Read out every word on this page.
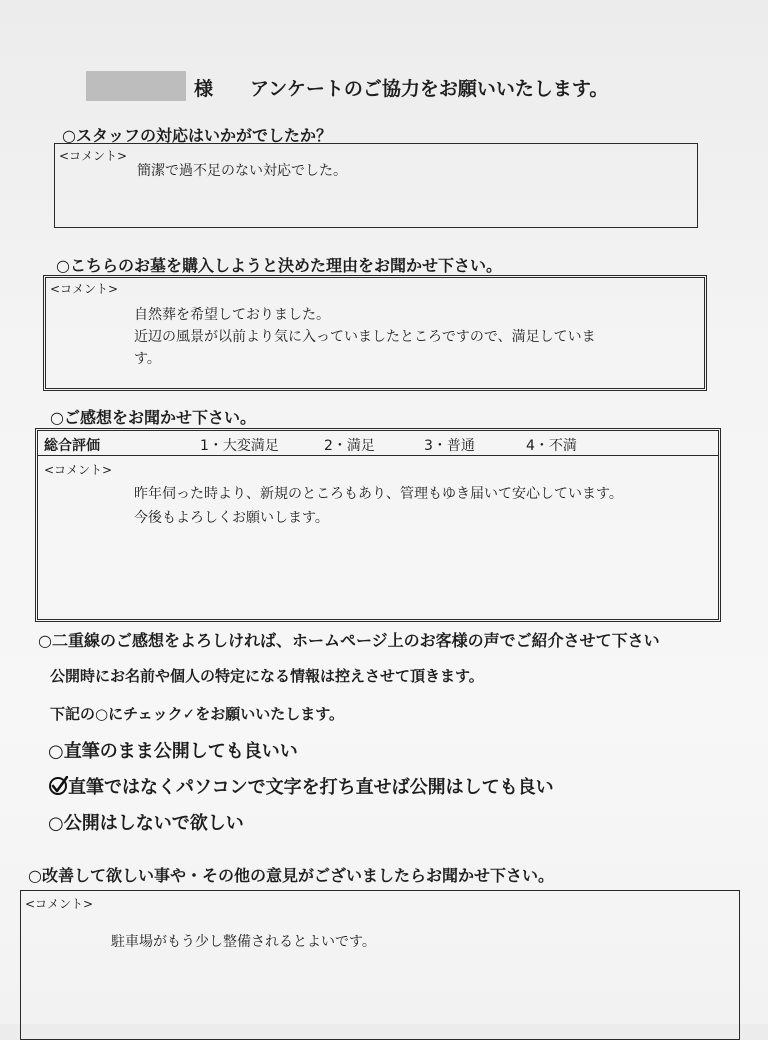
様 アンケートのご協力をお願いいたします。
○スタッフの対応はいかがでしたか？
<コメント>
簡潔で過不足のない対応でした。
○こちらのお墓を購入しようと決めた理由をお聞かせ下さい。
<コメント>
自然葬を希望しておりました。
近辺の風景が以前より気に入っていましたところですので、満足していま
す。
○ご感想をお聞かせ下さい。
総合評価	1・大変満足	2・満足	3・普通	4・不満
<コメント>
昨年伺った時より、新規のところもあり、管理もゆき届いて安心しています。
今後もよろしくお願いします。
○二重線のご感想をよろしければ、ホームページ上のお客様の声でご紹介させて下さい
公開時にお名前や個人の特定になる情報は控えさせて頂きます。
下記の○にチェック✓をお願いいたします。
○直筆のまま公開しても良いい
直筆ではなくパソコンで文字を打ち直せば公開はしても良い
○公開はしないで欲しい
○改善して欲しい事や・その他の意見がございましたらお聞かせ下さい。
<コメント>
駐車場がもう少し整備されるとよいです。
